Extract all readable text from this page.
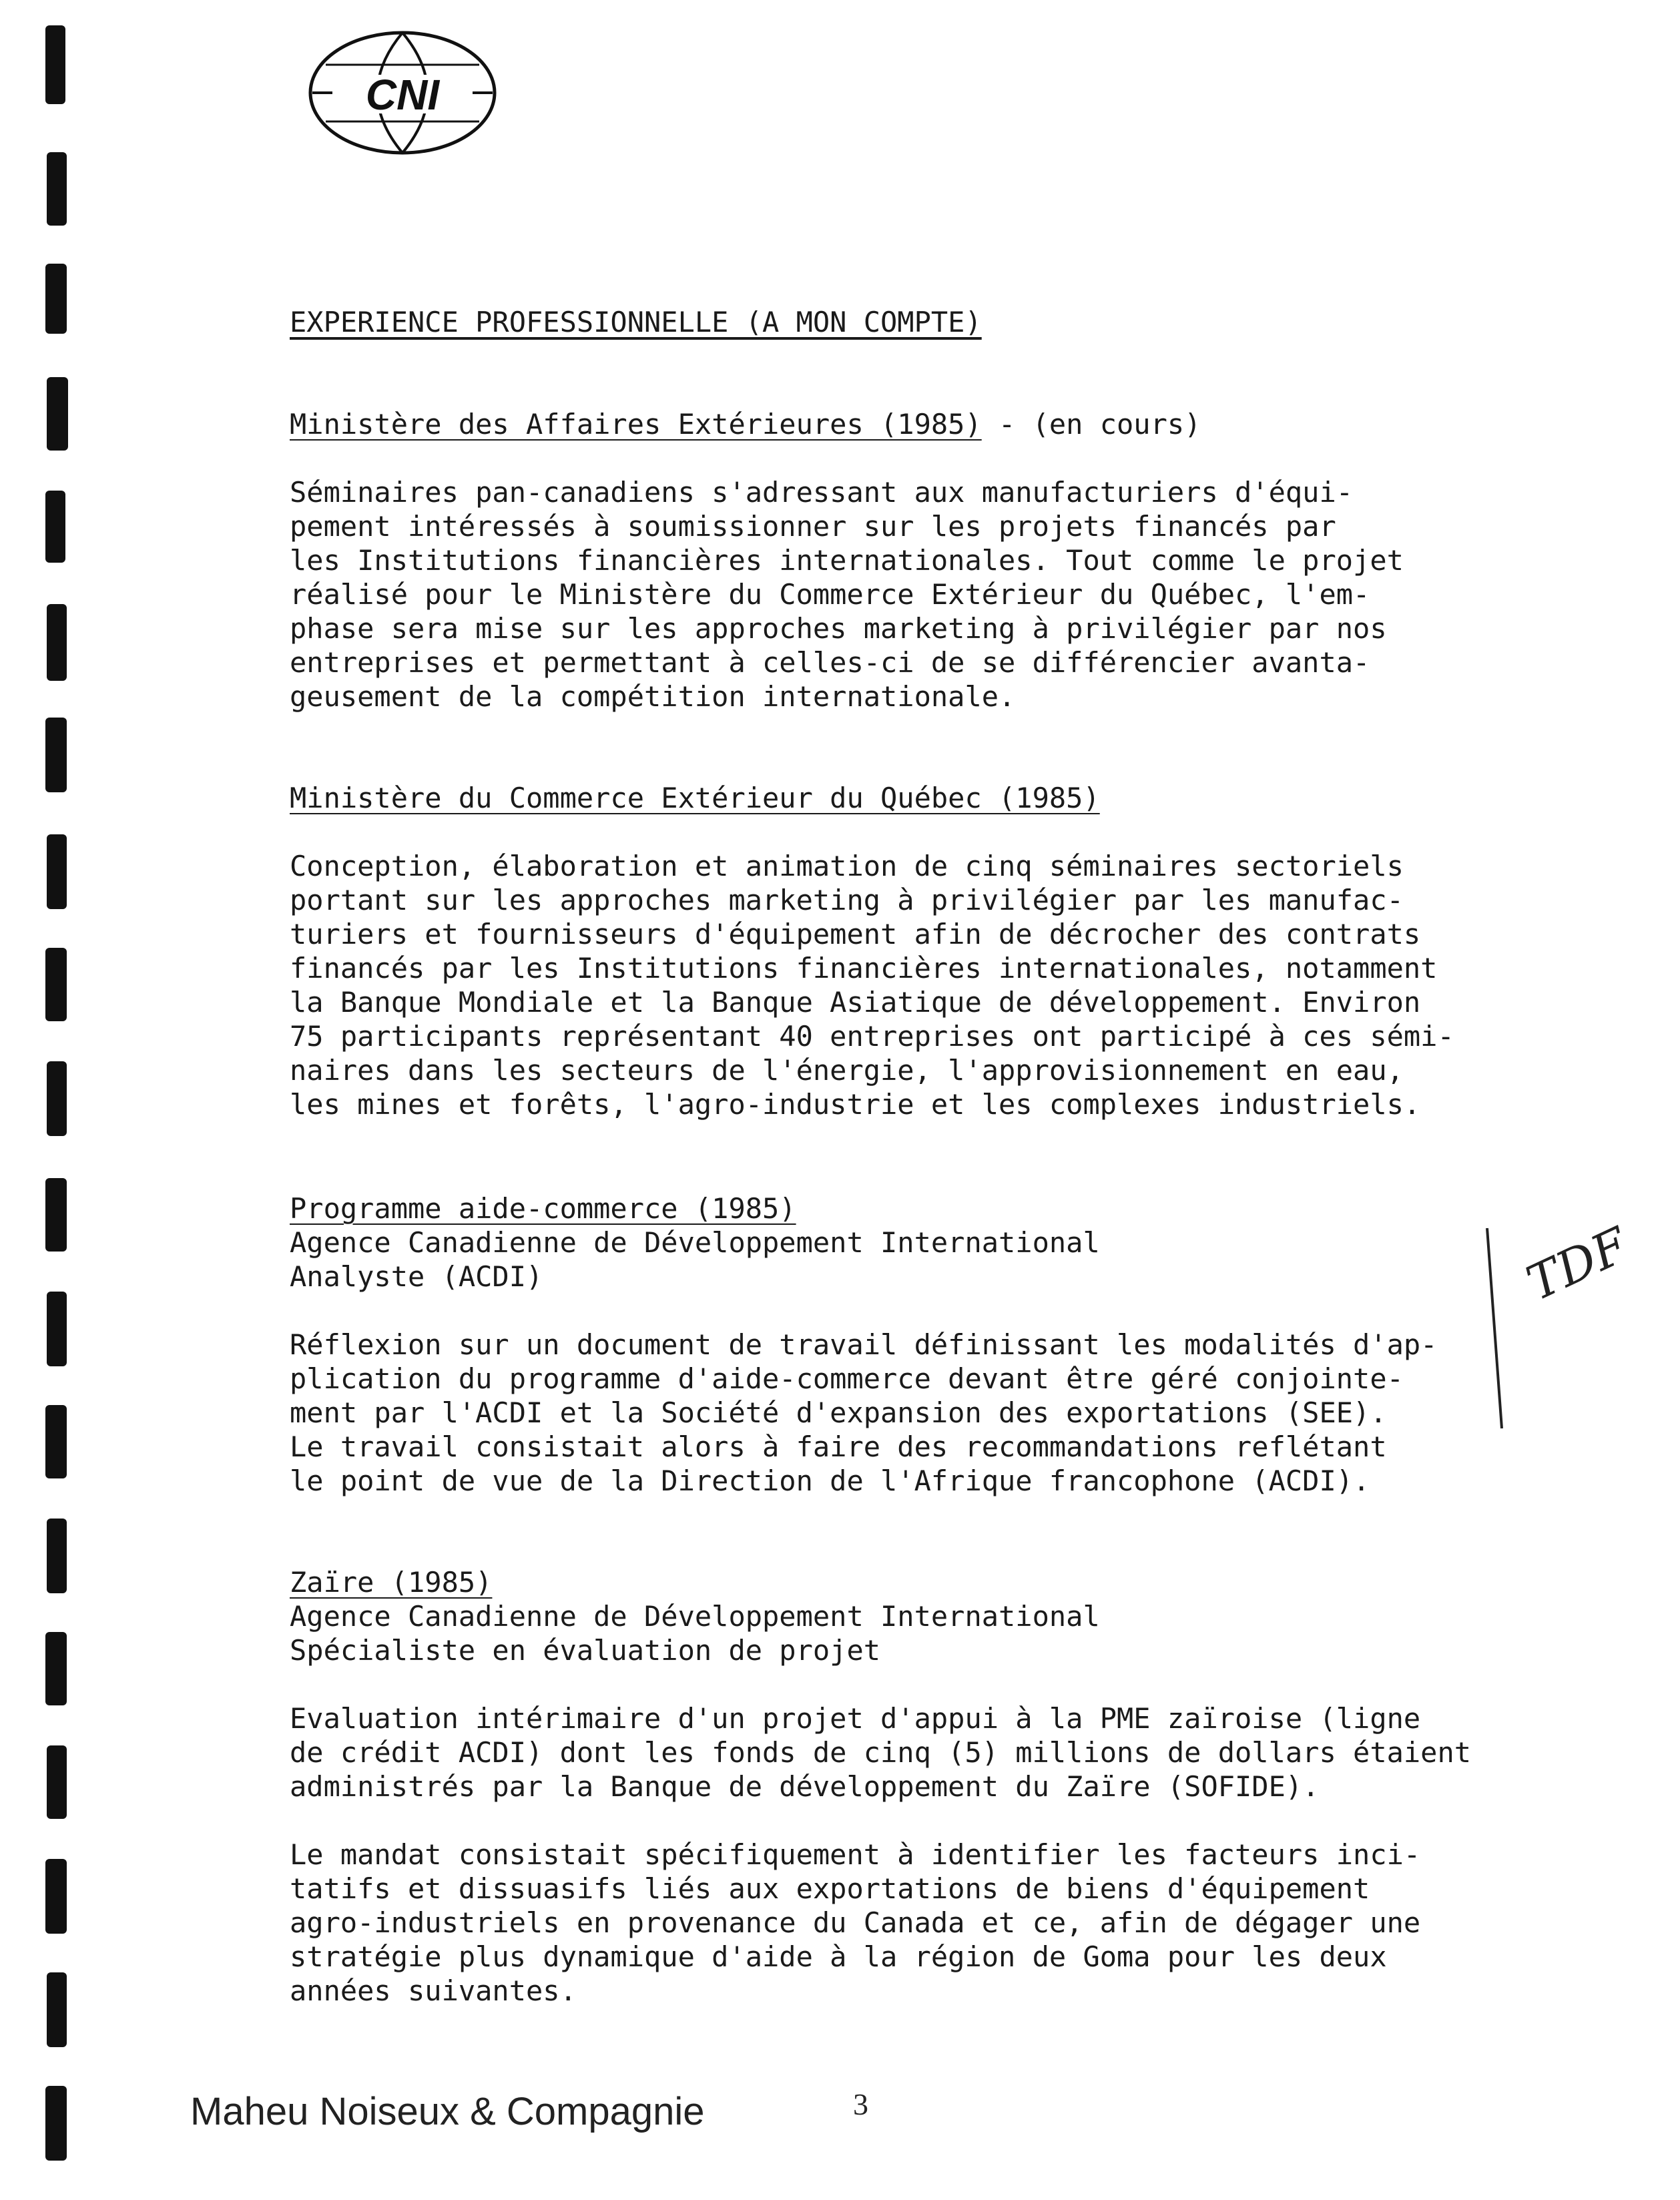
CNI
EXPERIENCE PROFESSIONNELLE (A MON COMPTE)
Ministère des Affaires Extérieures (1985) - (en cours)
Séminaires pan-canadiens s'adressant aux manufacturiers d'équi-
pement intéressés à soumissionner sur les projets financés par
les Institutions financières internationales. Tout comme le projet
réalisé pour le Ministère du Commerce Extérieur du Québec, l'em-
phase sera mise sur les approches marketing à privilégier par nos
entreprises et permettant à celles-ci de se différencier avanta-
geusement de la compétition internationale.
Ministère du Commerce Extérieur du Québec (1985)
Conception, élaboration et animation de cinq séminaires sectoriels
portant sur les approches marketing à privilégier par les manufac-
turiers et fournisseurs d'équipement afin de décrocher des contrats
financés par les Institutions financières internationales, notamment
la Banque Mondiale et la Banque Asiatique de développement. Environ
75 participants représentant 40 entreprises ont participé à ces sémi-
naires dans les secteurs de l'énergie, l'approvisionnement en eau,
les mines et forêts, l'agro-industrie et les complexes industriels.
Programme aide-commerce (1985)
Agence Canadienne de Développement International
Analyste (ACDI)
Réflexion sur un document de travail définissant les modalités d'ap-
plication du programme d'aide-commerce devant être géré conjointe-
ment par l'ACDI et la Société d'expansion des exportations (SEE).
Le travail consistait alors à faire des recommandations reflétant
le point de vue de la Direction de l'Afrique francophone (ACDI).
Zaïre (1985)
Agence Canadienne de Développement International
Spécialiste en évaluation de projet
Evaluation intérimaire d'un projet d'appui à la PME zaïroise (ligne
de crédit ACDI) dont les fonds de cinq (5) millions de dollars étaient
administrés par la Banque de développement du Zaïre (SOFIDE).
Le mandat consistait spécifiquement à identifier les facteurs inci-
tatifs et dissuasifs liés aux exportations de biens d'équipement
agro-industriels en provenance du Canada et ce, afin de dégager une
stratégie plus dynamique d'aide à la région de Goma pour les deux
années suivantes.
TDF
Maheu Noiseux & Compagnie	3
